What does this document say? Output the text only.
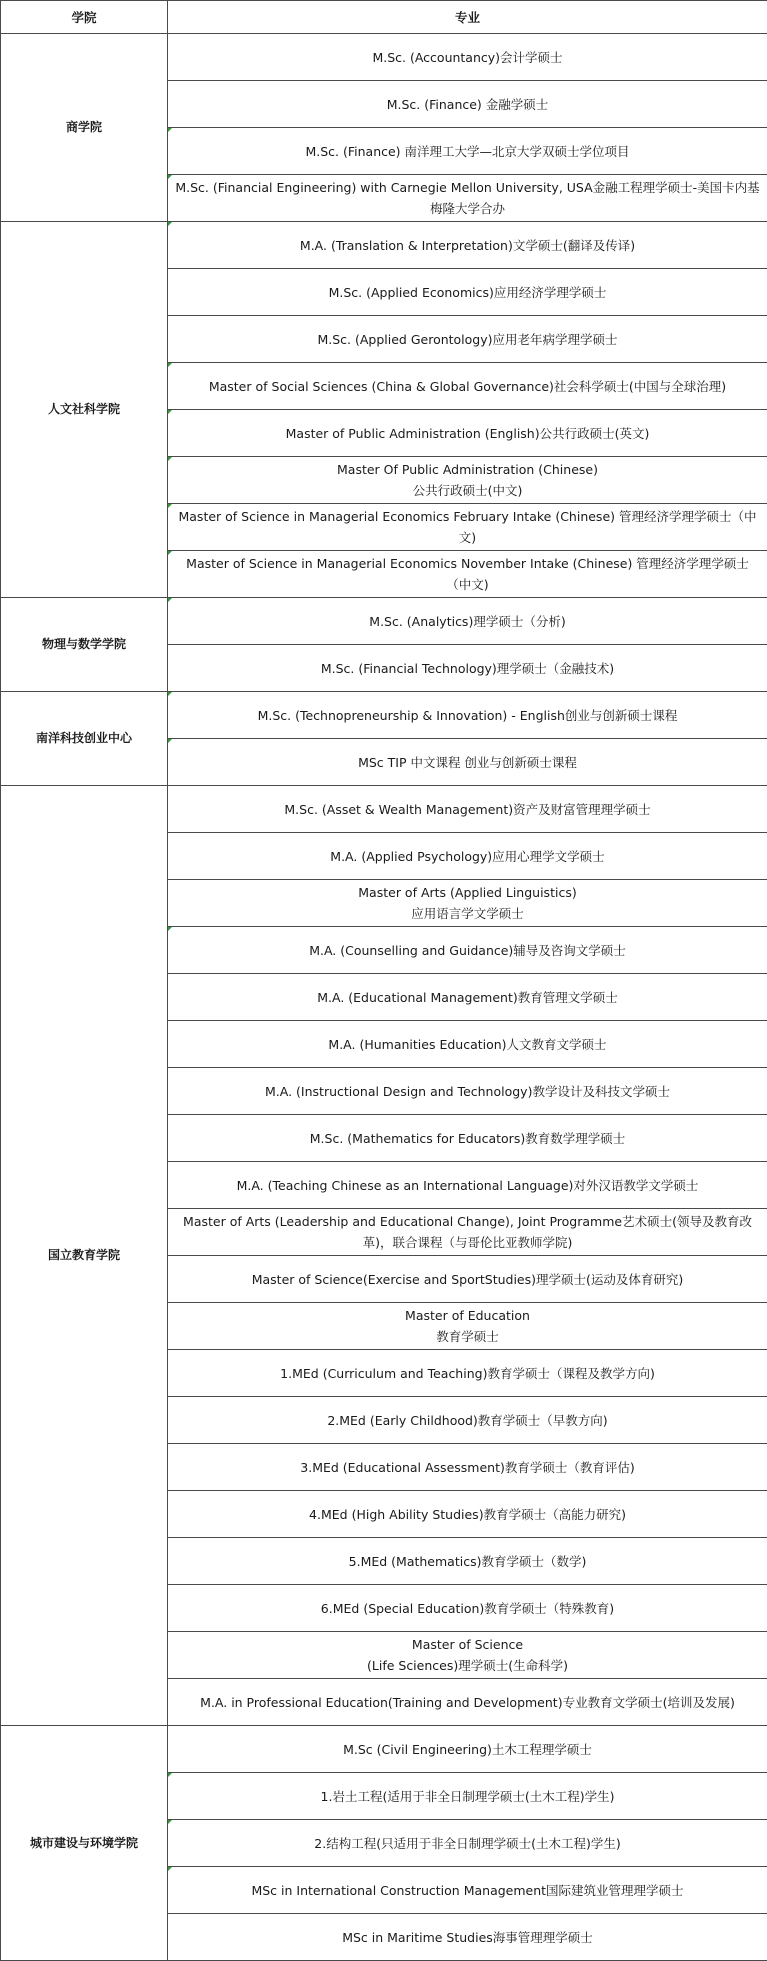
学院	专业
商学院	M.Sc. (Accountancy)会计学硕士
	M.Sc. (Finance) 金融学硕士
	M.Sc. (Finance) 南洋理工大学—北京大学双硕士学位项目
	M.Sc. (Financial Engineering) with Carnegie Mellon University, USA金融工程理学硕士-美国卡内基梅隆大学合办
人文社科学院	M.A. (Translation & Interpretation)文学硕士(翻译及传译)
	M.Sc. (Applied Economics)应用经济学理学硕士
	M.Sc. (Applied Gerontology)应用老年病学理学硕士
	Master of Social Sciences (China & Global Governance)社会科学硕士(中国与全球治理)
	Master of Public Administration (English)公共行政硕士(英文)
	Master Of Public Administration (Chinese)
公共行政硕士(中文)
	Master of Science in Managerial Economics February Intake (Chinese) 管理经济学理学硕士（中文)
	Master of Science in Managerial Economics November Intake (Chinese) 管理经济学理学硕士（中文)
物理与数学学院	M.Sc. (Analytics)理学硕士（分析)
	M.Sc. (Financial Technology)理学硕士（金融技术)
南洋科技创业中心	M.Sc. (Technopreneurship & Innovation) - English创业与创新硕士课程
	MSc TIP 中文课程 创业与创新硕士课程
国立教育学院	M.Sc. (Asset & Wealth Management)资产及财富管理理学硕士
	M.A. (Applied Psychology)应用心理学文学硕士
	Master of Arts (Applied Linguistics)
应用语言学文学硕士
	M.A. (Counselling and Guidance)辅导及咨询文学硕士
	M.A. (Educational Management)教育管理文学硕士
	M.A. (Humanities Education)人文教育文学硕士
	M.A. (Instructional Design and Technology)教学设计及科技文学硕士
	M.Sc. (Mathematics for Educators)教育数学理学硕士
	M.A. (Teaching Chinese as an International Language)对外汉语教学文学硕士
	Master of Arts (Leadership and Educational Change), Joint Programme艺术硕士(领导及教育改革)，联合课程（与哥伦比亚教师学院)
	Master of Science(Exercise and SportStudies)理学硕士(运动及体育研究)
	Master of Education
教育学硕士
	1.MEd (Curriculum and Teaching)教育学硕士（课程及教学方向)
	2.MEd (Early Childhood)教育学硕士（早教方向)
	3.MEd (Educational Assessment)教育学硕士（教育评估)
	4.MEd (High Ability Studies)教育学硕士（高能力研究)
	5.MEd (Mathematics)教育学硕士（数学)
	6.MEd (Special Education)教育学硕士（特殊教育)
	Master of Science
(Life Sciences)理学硕士(生命科学)
	M.A. in Professional Education(Training and Development)专业教育文学硕士(培训及发展)
城市建设与环境学院	M.Sc (Civil Engineering)土木工程理学硕士
	1.岩土工程(适用于非全日制理学硕士(土木工程)学生)
	2.结构工程(只适用于非全日制理学硕士(土木工程)学生)
	MSc in International Construction Management国际建筑业管理理学硕士
	MSc in Maritime Studies海事管理理学硕士
